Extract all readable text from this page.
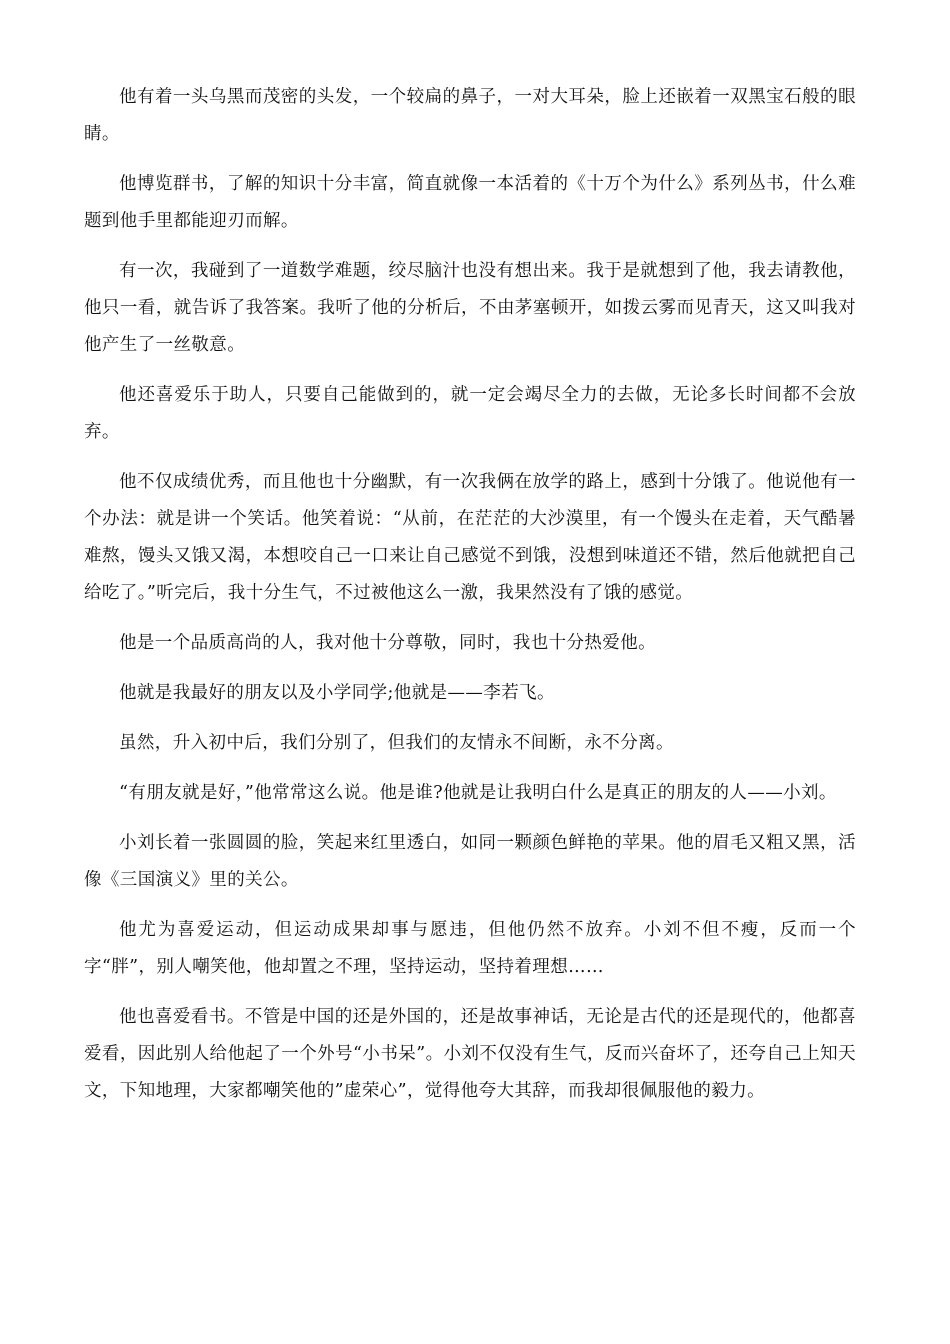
他有着一头乌黑而茂密的头发，一个较扁的鼻子，一对大耳朵，脸上还嵌着一双黑宝石般的眼睛。

他博览群书，了解的知识十分丰富，简直就像一本活着的《十万个为什么》系列丛书，什么难题到他手里都能迎刃而解。

有一次，我碰到了一道数学难题，绞尽脑汁也没有想出来。我于是就想到了他，我去请教他，他只一看，就告诉了我答案。我听了他的分析后，不由茅塞顿开，如拨云雾而见青天，这又叫我对他产生了一丝敬意。

他还喜爱乐于助人，只要自己能做到的，就一定会竭尽全力的去做，无论多长时间都不会放弃。

他不仅成绩优秀，而且他也十分幽默，有一次我俩在放学的路上，感到十分饿了。他说他有一个办法：就是讲一个笑话。他笑着说：“从前，在茫茫的大沙漠里，有一个馒头在走着，天气酷暑难熬，馒头又饿又渴，本想咬自己一口来让自己感觉不到饿，没想到味道还不错，然后他就把自己给吃了。”听完后，我十分生气，不过被他这么一激，我果然没有了饿的感觉。

他是一个品质高尚的人，我对他十分尊敬，同时，我也十分热爱他。

他就是我最好的朋友以及小学同学;他就是——李若飞。

虽然，升入初中后，我们分别了，但我们的友情永不间断，永不分离。

“有朋友就是好，”他常常这么说。他是谁?他就是让我明白什么是真正的朋友的人——小刘。

小刘长着一张圆圆的脸，笑起来红里透白，如同一颗颜色鲜艳的苹果。他的眉毛又粗又黑，活像《三国演义》里的关公。

他尤为喜爱运动，但运动成果却事与愿违，但他仍然不放弃。小刘不但不瘦，反而一个字“胖”，别人嘲笑他，他却置之不理，坚持运动，坚持着理想……

他也喜爱看书。不管是中国的还是外国的，还是故事神话，无论是古代的还是现代的，他都喜爱看，因此别人给他起了一个外号“小书呆”。小刘不仅没有生气，反而兴奋坏了，还夸自己上知天文，下知地理，大家都嘲笑他的”虚荣心”，觉得他夸大其辞，而我却很佩服他的毅力。
